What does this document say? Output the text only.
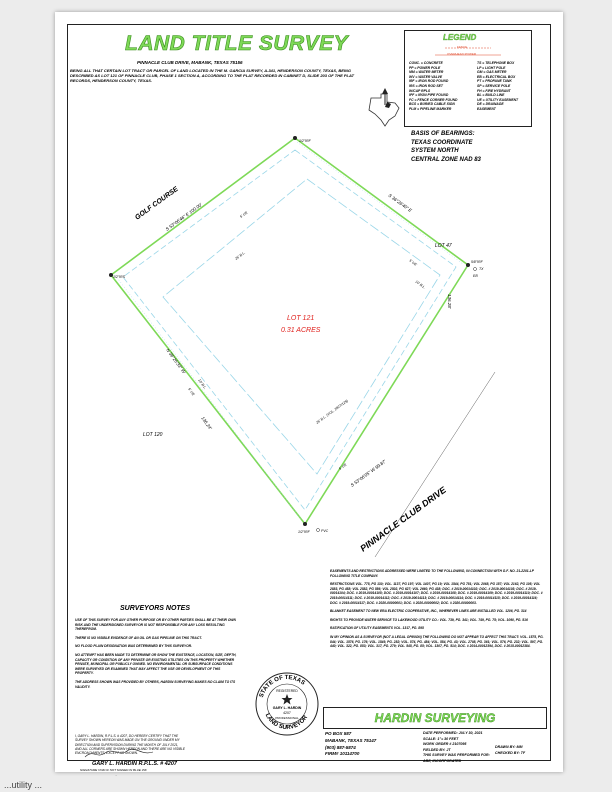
LAND TITLE SURVEY
PINNACLE CLUB DRIVE, MABANK, TEXAS 75156
BEING ALL THAT CERTAIN LOT TRACT OR PARCEL OF LAND LOCATED IN THE M. GARCIA SURVEY, A-341, HENDERSON COUNTY, TEXAS, BEING DESCRIBED AS LOT 121 OF PINNACLE CLUB, PHASE 1 SECTION A, ACCORDING TO THE PLAT RECORDED IN CABINET D, SLIDE 203 OF THE PLAT RECORDS, HENDERSON COUNTY, TEXAS.
LEGEND
FENCE
OVERHEAD POWER
CONC. = CONCRETE
PP = POWER POLE
MM = WATER METER
WV = WATER VALVE
IRF = IRON ROD FOUND
IRS = IRON ROD SET
W/CAP RPLS
IPF = IRON PIPE FOUND
FC = FENCE CORNER FOUND
BCS = BURIED CABLE SIGN
PLM = PIPELINE MARKER
TS = TELEPHONE BOX
LP = LIGHT POLE
GM = GAS METER
EB = ELECTRICAL BOX
PT = PROPANE TANK
SP = SERVICE POLE
FH = FIRE HYDRANT
BL = BUILD LINE
UE = UTILITY EASEMENT
DE = DRAINAGE
EASEMENT
BASIS OF BEARINGS:
TEXAS COORDINATE
SYSTEM NORTH
CENTRAL ZONE NAD 83
1/2"IRF
1/2"IRS
5/8"IRF
1/2"IRF
TX
EB
PVC
GOLF COURSE
S 53°06'46" E 100.00'	S 36°26'40" E
136.28'
N 36°26'33" W
136.24'
S 53°06'05" W 99.87'
PINNACLE CLUB DRIVE
5' UE
25' B.L.
5' UE
10' B.L.
10' B.L.
5' UE
25' B.L. (VOL. 2827/129)
5' UE
LOT 47
LOT 120
LOT 121
0.31 ACRES

EASEMENTS AND RESTRICTIONS ADDRESSED WERE LIMITED TO THE FOLLOWING, IN CONNECTION WITH G.F. NO. 21-2201-LP FOLLOWING TITLE COMPANY.

RESTRICTIONS VOL. 775, PG 130; VOL. 1137, PG 197; VOL 1407, PG 19; VOL 1544, PG 781; VOL 2068, PG 157; VOL 2162, PG 105; VOL 2883, PG 458; VOL 2582, PG 556; VOL 2502, PG 627; VOL 2660, PG 438; DOC. # 2019-00014102; DOC. # 2019-00014103; DOC. # 2019-00014104; DOC. # 2019-00014105; DOC. # 2019-00014107; DOC. # 2019-00014108; DOC. # 2019-00014109; DOC. # 2019-00014110; DOC. # 2019-00014111; DOC. # 2019-00014112; DOC. # 2019-00014113; DOC. # 2019-00014114; DOC. # 2019-00014115; DOC. # 2019-00014116; DOC. # 2019-00014117; DOC. # 2020-00000001; DOC. # 2020-00000002; DOC. # 2020-00000003.

BLANKET EASEMENT TO NEW ERA ELECTRIC COOPERATIVE, INC., WHEREVER LINES ARE INSTALLED VOL. 1206, PG. 314

RIGHTS TO PROVIDE WATER SERVICE TO LAKEWOOD UTILITY CO.: VOL. 739, PG. 341; VOL. 749, PG. 75; VOL. 1090, PG. 516

RATIFICATION OF UTILITY EASEMENTS VOL. 1317, PG. 895

IN MY OPINION AS A SURVEYOR (NOT A LEGAL OPINION) THE FOLLOWING DO NOT APPEAR TO AFFECT THIS TRACT: VOL. 1575, PG. 844; VOL. 1576, PG. 176; VOL. 1549, PG. 282; VOL. 574, PG. 484; VOL. 554, PG. 43; VOL. 2708, PG. 361; VOL. 576, PG. 232; VOL. 597, PG. 440; VOL. 322, PG. 853; VOL. 317, PG. 279; VOL. 545, PG. 85; VOL. 1307, PG. 514; DOC. # 2014-00012394, DOC. # 2015-00012384.

SURVEYORS NOTES

USE OF THIS SURVEY FOR ANY OTHER PURPOSE OR BY OTHER PARTIES SHALL BE AT THEIR OWN RISK AND THE UNDERSIGNED SURVEYOR IS NOT RESPONSIBLE FOR ANY LOSS RESULTING THEREFROM.

THERE IS NO VISIBLE EVIDENCE OF AN OIL OR GAS PIPELINE ON THIS TRACT.

NO FLOOD PLAIN DESIGNATION WAS DETERMINED BY THIS SURVEYOR.

NO ATTEMPT HAS BEEN MADE TO DETERMINE OR SHOW THE EXISTENCE, LOCATION, SIZE, DEPTH, CAPACITY OR CONDITION OF ANY PRIVATE OR EXISTING UTILITIES ON THIS PROPERTY WHETHER PRIVATE, MUNICIPAL OR PUBLICLY OWNED. NO ENVIRONMENTAL OR SUBSURFACE CONDITIONS WERE SURVEYED OR EXAMINED THAT MAY AFFECT THE USE OR DEVELOPMENT OF THIS PROPERTY.

THE ADDRESS SHOWN WAS PROVIDED BY OTHERS, HARDIN SURVEYING MAKES NO CLAIM TO ITS VALIDITY.

STATE OF TEXAS
LAND SURVEYOR
REGISTERED
GARY L. HARDIN
4207
PROFESSIONAL
I, GARY L. HARDIN, R.P.L.S. # 4207, DO HEREBY CERTIFY THAT THE SURVEY SHOWN HEREON WAS MADE ON THE GROUND UNDER MY DIRECTION AND SUPERVISION DURING THE MONTH OF JULY 2021, AND ALL CORNERS ARE SHOWN HEREON AND THERE ARE NO VISIBLE ENCROACHMENTS, EXCEPT AS SHOWN.
GARY L. HARDIN R.P.L.S. # 4207
SIGNATURE VOID IF NOT SIGNED IN BLUE INK
HARDIN SURVEYING
PO BOX 587
MABANK, TEXAS 75147
(903) 887-5874
FIRM# 10114700
DATE PERFORMED: JULY 30, 2021
SCALE: 1"= 30 FEET
WORK ORDER # 2107095
FIELDED BY: JT
THIS SURVEY WAS PERFORMED FOR:
ABZ, INCORPORATED
DRAWN BY: MM
CHECKED BY: TF
...utility ...
